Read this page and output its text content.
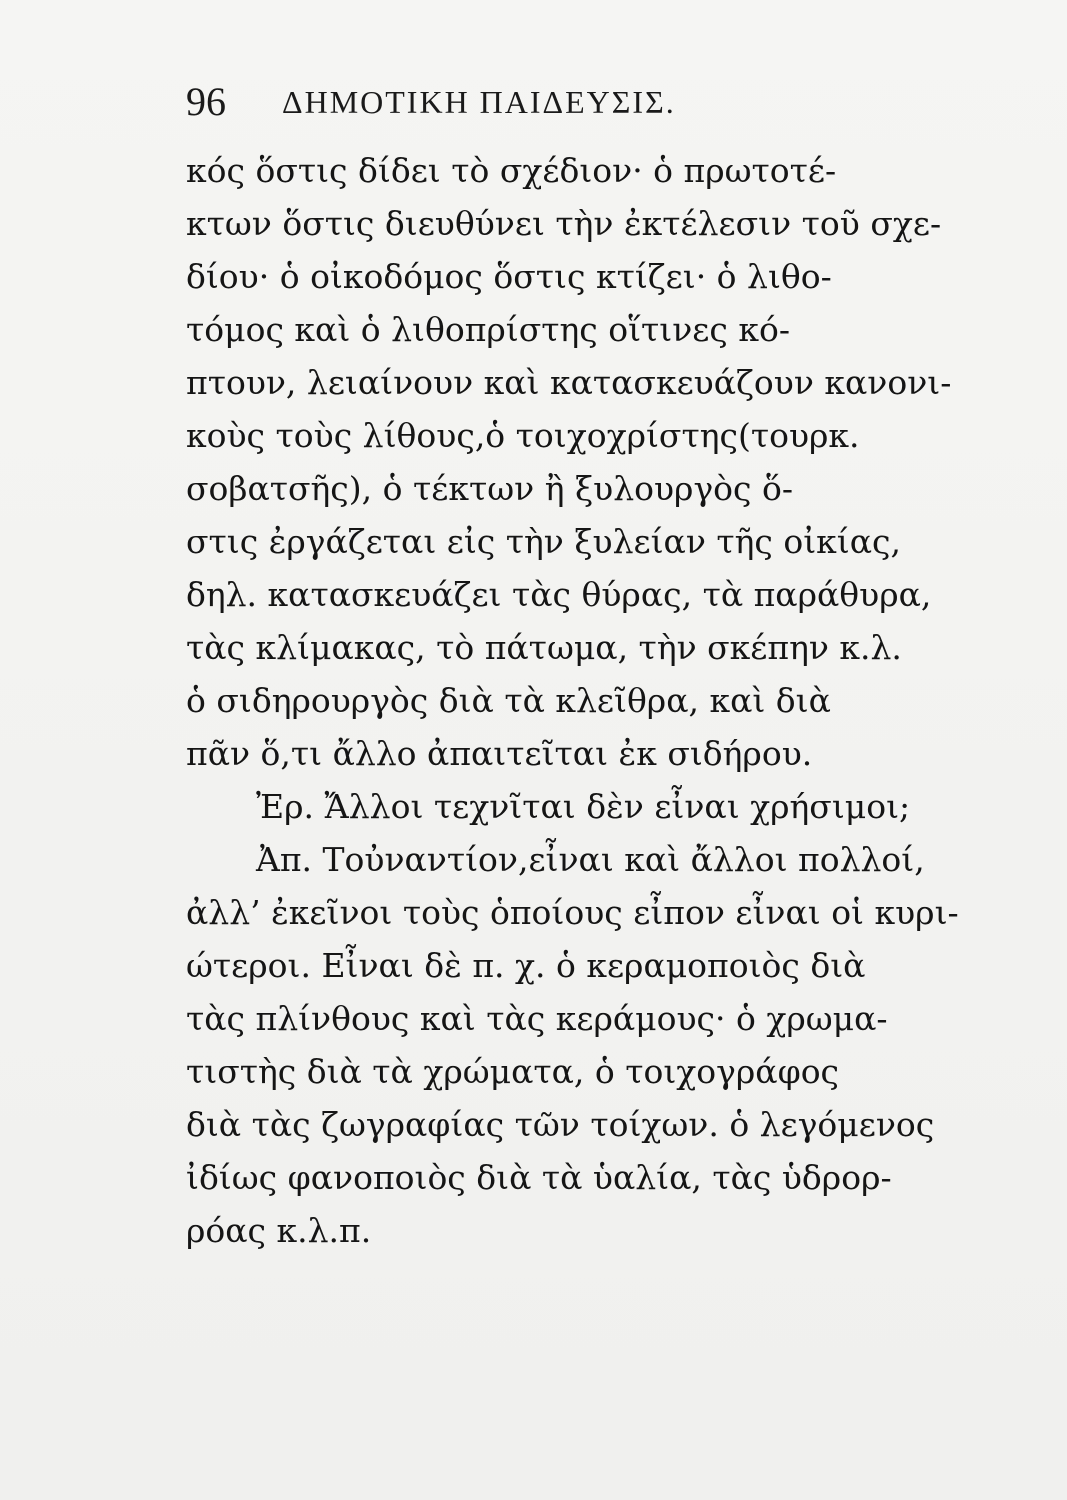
96 ΔΗΜΟΤΙΚΗ ΠΑΙΔΕΥΣΙΣ.
κός ὅστις δίδει τὸ σχέδιον· ὁ πρωτοτέ-
κτων ὅστις διευθύνει τὴν ἐκτέλεσιν τοῦ σχε-
δίου· ὁ οἰκοδόμος ὅστις κτίζει· ὁ λιθο-
τόμος καὶ ὁ λιθοπρίστης οἵτινες κό-
πτουν, λειαίνουν καὶ κατασκευάζουν κανονι-
κοὺς τοὺς λίθους,ὁ τοιχοχρίστης(τουρκ.
σοβατσῆς), ὁ τέκτων ἢ ξυλουργὸς ὅ-
στις ἐργάζεται εἰς τὴν ξυλείαν τῆς οἰκίας,
δηλ. κατασκευάζει τὰς θύρας, τὰ παράθυρα,
τὰς κλίμακας, τὸ πάτωμα, τὴν σκέπην κ.λ.
ὁ σιδηρουργὸς διὰ τὰ κλεῖθρα, καὶ διὰ
πᾶν ὅ,τι ἄλλο ἀπαιτεῖται ἐκ σιδήρου.
Ἐρ. Ἄλλοι τεχνῖται δὲν εἶναι χρήσιμοι;
Ἀπ. Τοὐναντίον,εἶναι καὶ ἄλλοι πολλοί,
ἀλλ’ ἐκεῖνοι τοὺς ὁποίους εἶπον εἶναι οἱ κυρι-
ώτεροι. Εἶναι δὲ π. χ. ὁ κεραμοποιὸς διὰ
τὰς πλίνθους καὶ τὰς κεράμους· ὁ χρωμα-
τιστὴς διὰ τὰ χρώματα, ὁ τοιχογράφος
διὰ τὰς ζωγραφίας τῶν τοίχων. ὁ λεγόμενος
ἰδίως φανοποιὸς διὰ τὰ ὑαλία, τὰς ὑδρορ-
ρόας κ.λ.π.
